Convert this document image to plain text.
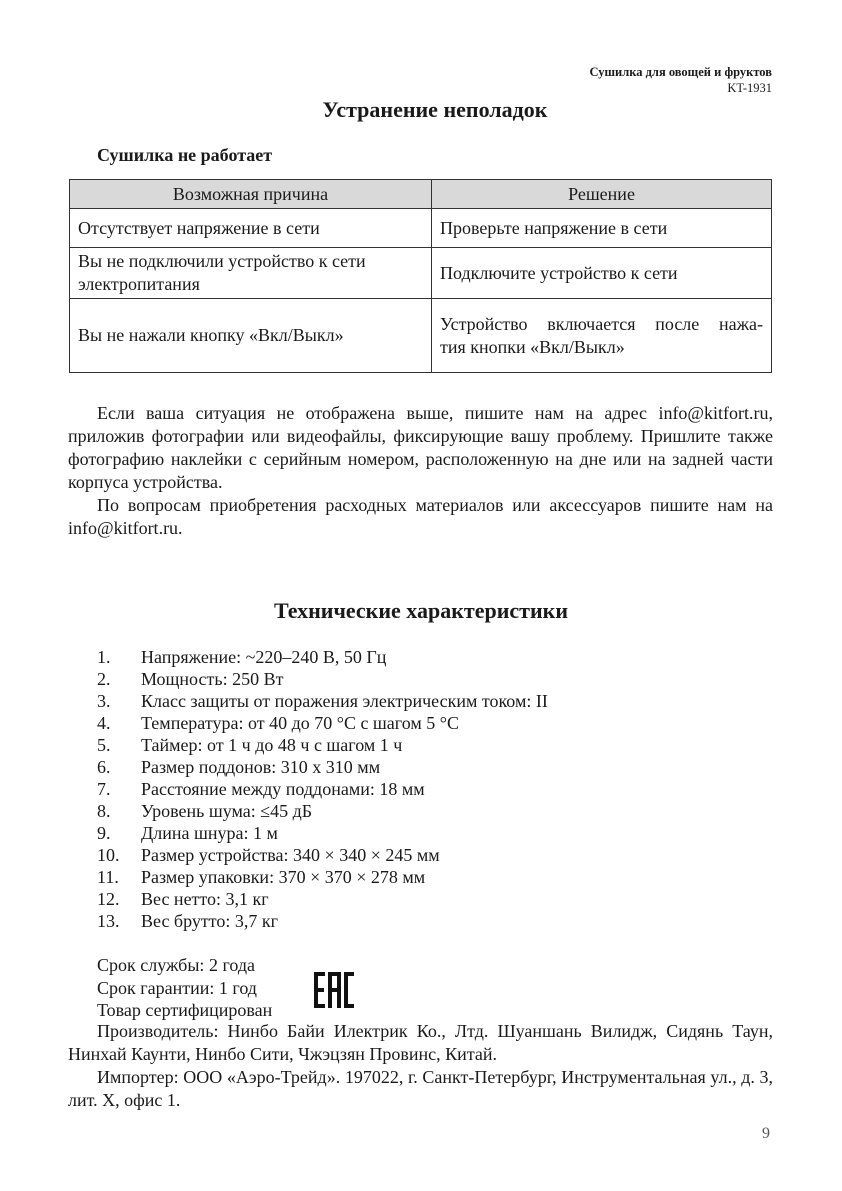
Сушилка для овощей и фруктов
KT-1931
Устранение неполадок
Сушилка не работает
Возможная причина	Решение
Отсутствует напряжение в сети	Проверьте напряжение в сети

Вы не подключили устройство к сети
электропитания	Подключите устройство к сети
Вы не нажали кнопку «Вкл/Выкл»	Устройство включается после нажа-
тия кнопки «Вкл/Выкл»

Если ваша ситуация не отображена выше, пишите нам на адрес info@kitfort.ru, приложив фотографии или видеофайлы, фиксирующие вашу проблему. Пришлите также фотографию наклейки с серийным номером, расположенную на дне или на задней части корпуса устройства.

По вопросам приобретения расходных материалов или аксессуаров пишите нам на info@kitfort.ru.

Технические характеристики
1.	Напряжение: ~220–240 В, 50 Гц
2.	Мощность: 250 Вт
3.	Класс защиты от поражения электрическим током: II
4.	Температура: от 40 до 70 °C с шагом 5 °C
5.	Таймер: от 1 ч до 48 ч с шагом 1 ч
6.	Размер поддонов: 310 x 310 мм
7.	Расстояние между поддонами: 18 мм
8.	Уровень шума: ≤45 дБ
9.	Длина шнура: 1 м
10.	Размер устройства: 340 × 340 × 245 мм
11.	Размер упаковки: 370 × 370 × 278 мм
12.	Вес нетто: 3,1 кг
13.	Вес брутто: 3,7 кг
Срок службы: 2 года
Срок гарантии: 1 год
Товар сертифицирован

Производитель: Нинбо Байи Илектрик Ко., Лтд. Шуаншань Вилидж, Сидянь Таун, Нинхай Каунти, Нинбо Сити, Чжэцзян Провинс, Китай.

Импортер: ООО «Аэро-Трейд». 197022, г. Санкт-Петербург, Инструментальная ул., д. 3, лит. Х, офис 1.

9
